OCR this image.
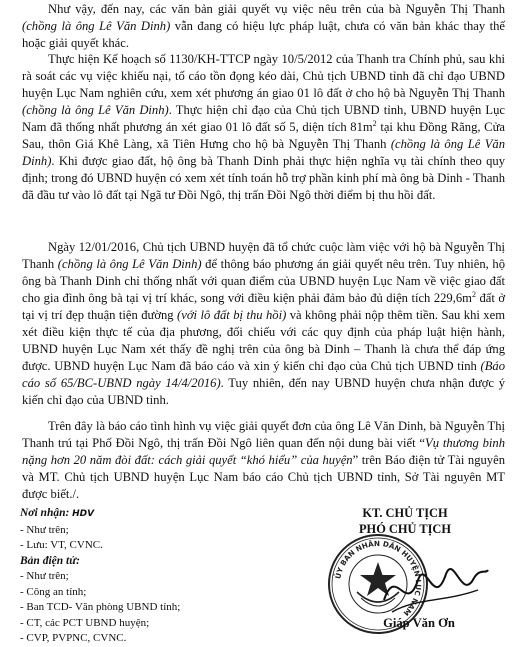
Như vậy, đến nay, các văn bản giải quyết vụ việc nêu trên của bà Nguyễn Thị Thanh (chồng là ông Lê Văn Dinh) vẫn đang có hiệu lực pháp luật, chưa có văn bản khác thay thế hoặc giải quyết khác.
Thực hiện Kế hoạch số 1130/KH-TTCP ngày 10/5/2012 của Thanh tra Chính phủ, sau khi rà soát các vụ việc khiếu nại, tố cáo tồn đọng kéo dài, Chủ tịch UBND tỉnh đã chỉ đạo UBND huyện Lục Nam nghiên cứu, xem xét phương án giao 01 lô đất ở cho hộ bà Nguyễn Thị Thanh (chồng là ông Lê Văn Dinh). Thực hiện chỉ đạo của Chủ tịch UBND tỉnh, UBND huyện Lục Nam đã thống nhất phương án xét giao 01 lô đất số 5, diện tích $81m^2$ tại khu Đồng Rãng, Cửa Sau, thôn Giá Khê Làng, xã Tiên Hưng cho hộ bà Nguyễn Thị Thanh (chồng là ông Lê Văn Dinh). Khi được giao đất, hộ ông bà Thanh Dinh phải thực hiện nghĩa vụ tài chính theo quy định; trong đó UBND huyện có xem xét tính toán hỗ trợ phần kinh phí mà ông bà Dinh - Thanh đã đầu tư vào lô đất tại Ngã tư Đồi Ngô, thị trấn Đồi Ngô thời điểm bị thu hồi đất.
Ngày 12/01/2016, Chủ tịch UBND huyện đã tổ chức cuộc làm việc với hộ bà Nguyễn Thị Thanh (chồng là ông Lê Văn Dinh) để thông báo phương án giải quyết nêu trên. Tuy nhiên, hộ ông bà Thanh Dinh chỉ thống nhất với quan điểm của UBND huyện Lục Nam về việc giao đất cho gia đình ông bà tại vị trí khác, song với điều kiện phải đảm bảo đủ diện tích $229,6m^2$ đất ở tại vị trí đẹp thuận tiện đường (với lô đất bị thu hồi) và không phải nộp thêm tiền. Sau khi xem xét điều kiện thực tế của địa phương, đối chiếu với các quy định của pháp luật hiện hành, UBND huyện Lục Nam xét thấy đề nghị trên của ông bà Dinh – Thanh là chưa thể đáp ứng được. UBND huyện Lục Nam đã báo cáo và xin ý kiến chỉ đạo của Chủ tịch UBND tỉnh (Báo cáo số 65/BC-UBND ngày 14/4/2016). Tuy nhiên, đến nay UBND huyện chưa nhận được ý kiến chỉ đạo của UBND tỉnh.
Trên đây là báo cáo tình hình vụ việc giải quyết đơn của ông Lê Văn Dinh, bà Nguyễn Thị Thanh trú tại Phố Đồi Ngô, thị trấn Đồi Ngô liên quan đến nội dung bài viết “Vụ thương binh nặng hơn 20 năm đòi đất: cách giải quyết “khó hiểu” của huyện” trên Báo điện tử Tài nguyên và MT. Chủ tịch UBND huyện Lục Nam báo cáo Chủ tịch UBND tỉnh, Sở Tài nguyên MT được biết./.
Nơi nhận: HDV
- Như trên;
- Lưu: VT, CVNC.
Bản điện tử:
- Như trên;
- Công an tỉnh;
- Ban TCD- Văn phòng UBND tỉnh;
- CT, các PCT UBND huyện;
- CVP, PVPNC, CVNC.
KT. CHỦ TỊCH
PHÓ CHỦ TỊCH
ỦY BAN NHÂN DÂN HUYỆN LỤC NAM
Giáp Văn Ơn
